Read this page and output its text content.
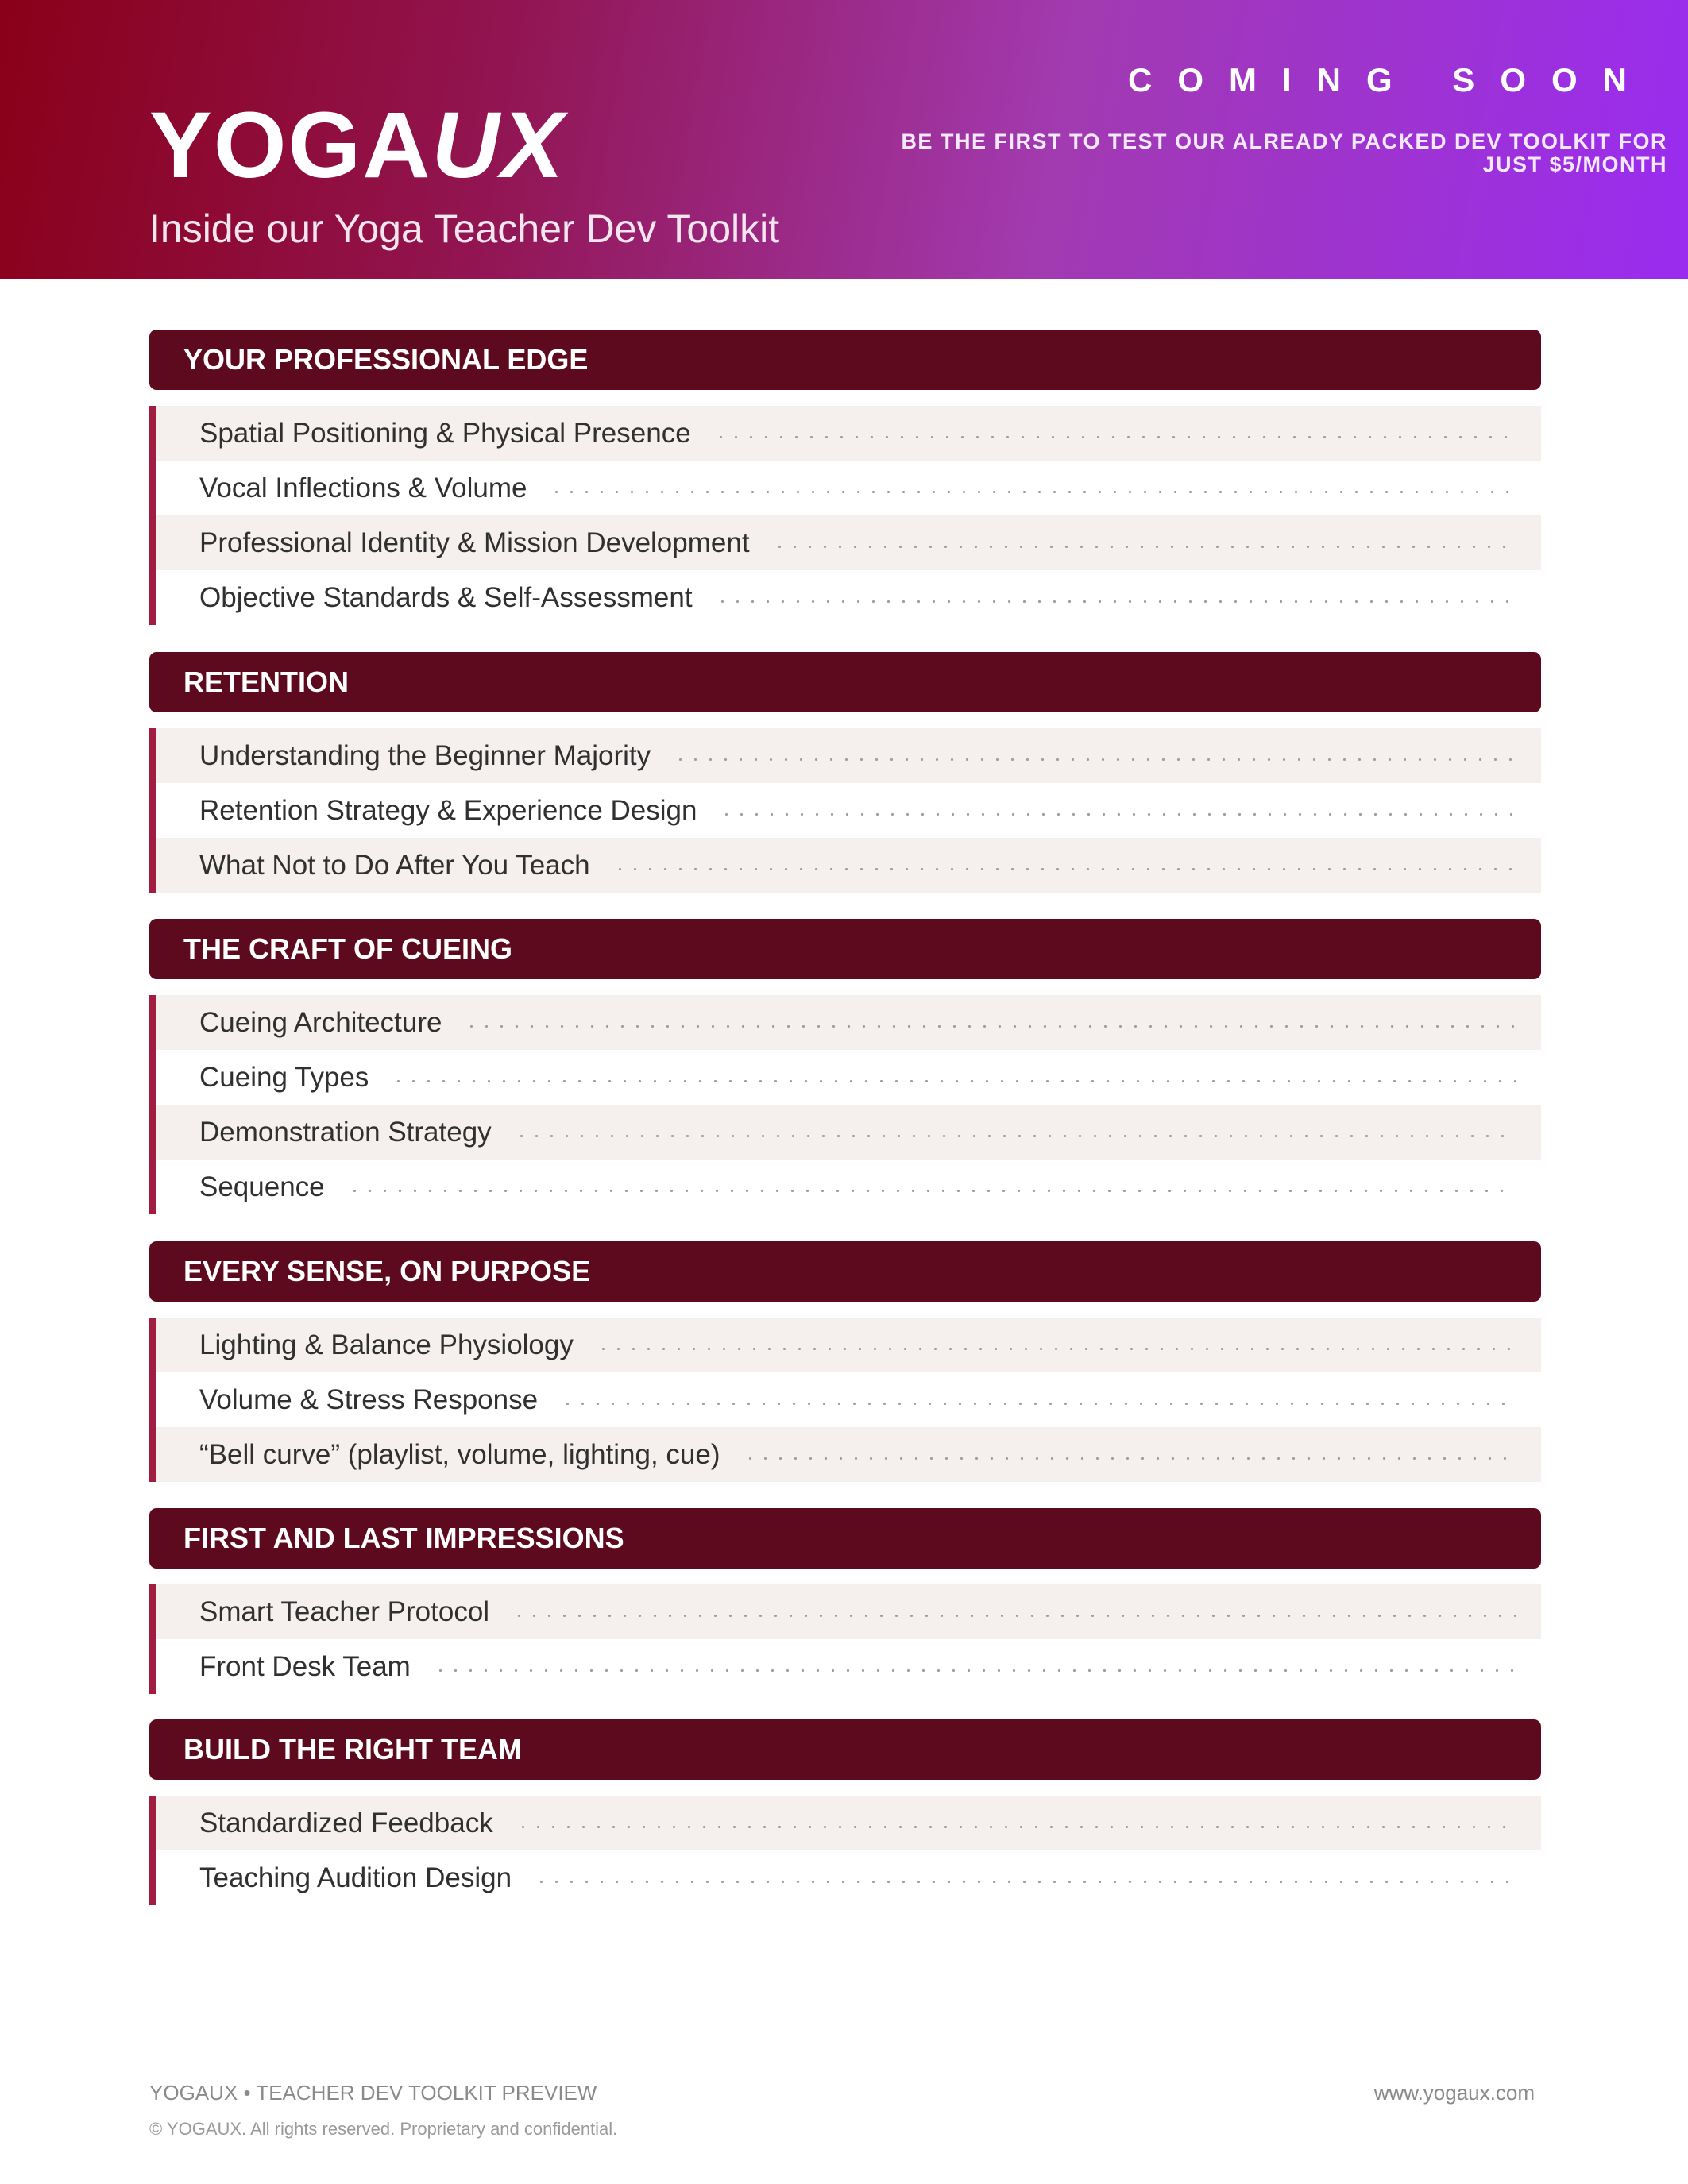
YOGAUX
Inside our Yoga Teacher Dev Toolkit
COMING SOON
BE THE FIRST TO TEST OUR ALREADY PACKED DEV TOOLKIT FOR JUST $5/MONTH
YOUR PROFESSIONAL EDGE
Spatial Positioning & Physical Presence
Vocal Inflections & Volume
Professional Identity & Mission Development
Objective Standards & Self-Assessment
RETENTION
Understanding the Beginner Majority
Retention Strategy & Experience Design
What Not to Do After You Teach
THE CRAFT OF CUEING
Cueing Architecture
Cueing Types
Demonstration Strategy
Sequence
EVERY SENSE, ON PURPOSE
Lighting & Balance Physiology
Volume & Stress Response
“Bell curve” (playlist, volume, lighting, cue)
FIRST AND LAST IMPRESSIONS
Smart Teacher Protocol
Front Desk Team
BUILD THE RIGHT TEAM
Standardized Feedback
Teaching Audition Design
YOGAUX • TEACHER DEV TOOLKIT PREVIEW	www.yogaux.com
© YOGAUX. All rights reserved. Proprietary and confidential.
